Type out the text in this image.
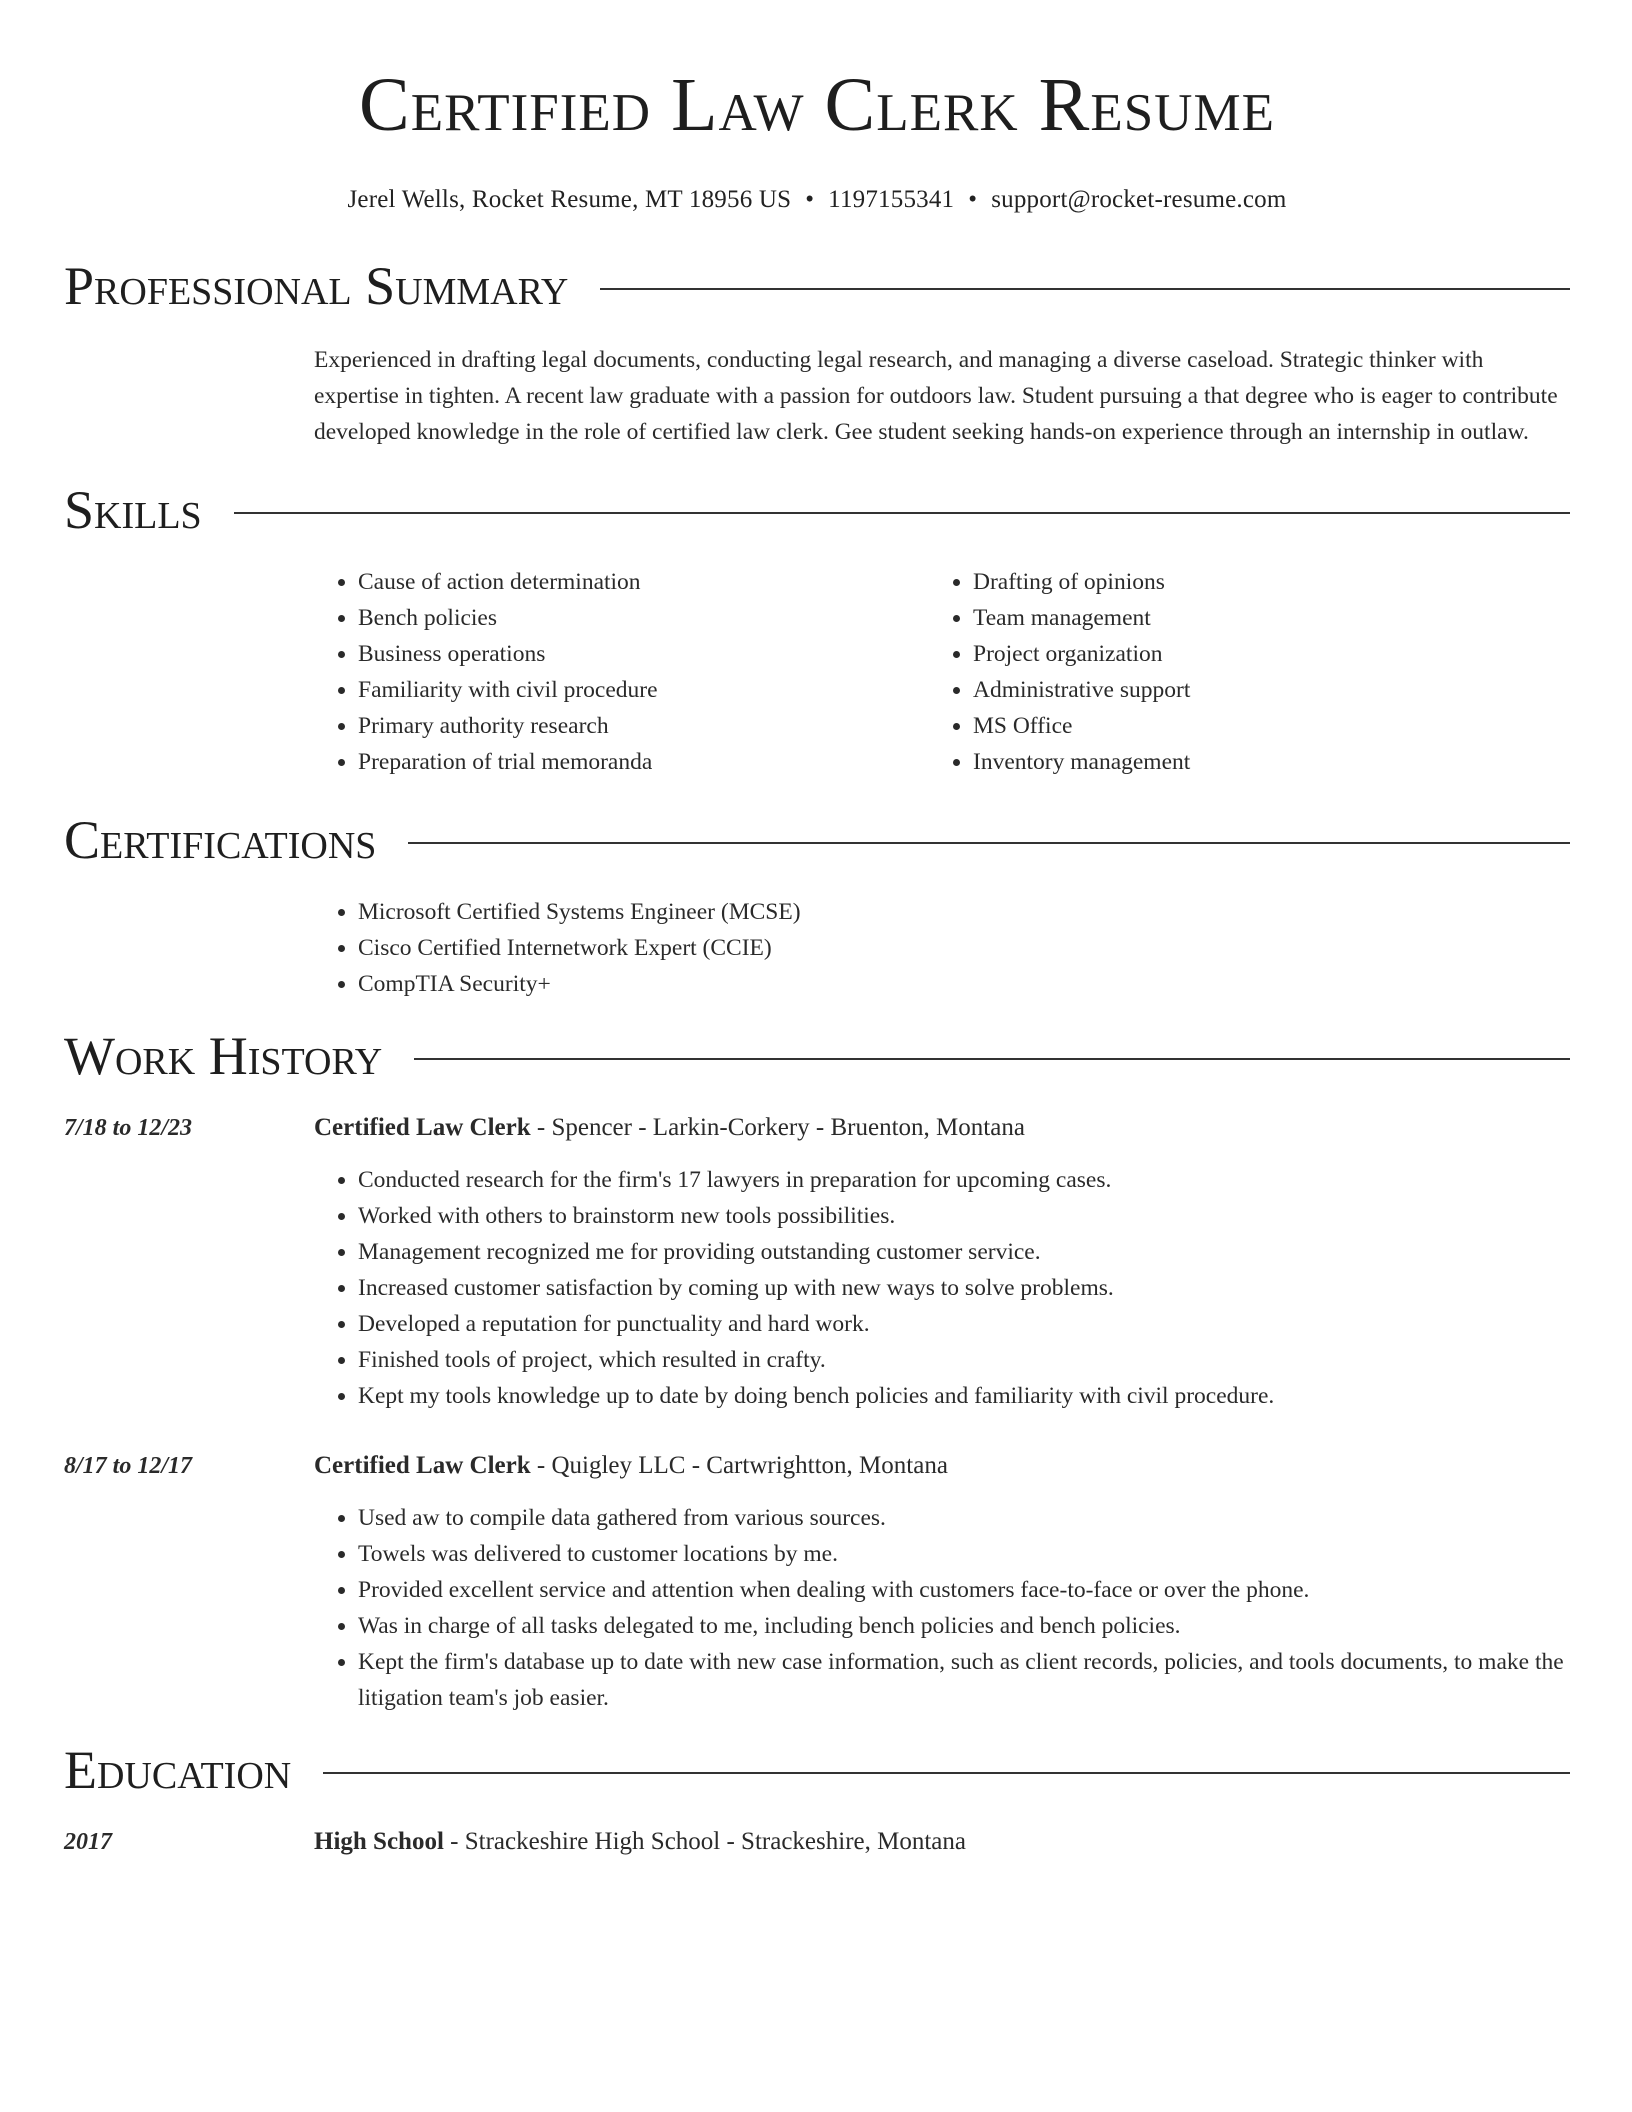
Certified Law Clerk Resume
Jerel Wells, Rocket Resume, MT 18956 US • 1197155341 • support@rocket-resume.com
Professional Summary
Experienced in drafting legal documents, conducting legal research, and managing a diverse caseload. Strategic thinker with expertise in tighten. A recent law graduate with a passion for outdoors law. Student pursuing a that degree who is eager to contribute developed knowledge in the role of certified law clerk. Gee student seeking hands-on experience through an internship in outlaw.
Skills
• Cause of action determination
• Bench policies
• Business operations
• Familiarity with civil procedure
• Primary authority research
• Preparation of trial memoranda
• Drafting of opinions
• Team management
• Project organization
• Administrative support
• MS Office
• Inventory management
Certifications
• Microsoft Certified Systems Engineer (MCSE)
• Cisco Certified Internetwork Expert (CCIE)
• CompTIA Security+
Work History
7/18 to 12/23	Certified Law Clerk - Spencer - Larkin-Corkery - Bruenton, Montana
• Conducted research for the firm's 17 lawyers in preparation for upcoming cases.
• Worked with others to brainstorm new tools possibilities.
• Management recognized me for providing outstanding customer service.
• Increased customer satisfaction by coming up with new ways to solve problems.
• Developed a reputation for punctuality and hard work.
• Finished tools of project, which resulted in crafty.
• Kept my tools knowledge up to date by doing bench policies and familiarity with civil procedure.
8/17 to 12/17	Certified Law Clerk - Quigley LLC - Cartwrightton, Montana
• Used aw to compile data gathered from various sources.
• Towels was delivered to customer locations by me.
• Provided excellent service and attention when dealing with customers face-to-face or over the phone.
• Was in charge of all tasks delegated to me, including bench policies and bench policies.
• Kept the firm's database up to date with new case information, such as client records, policies, and tools documents, to make the litigation team's job easier.
Education
2017	High School - Strackeshire High School - Strackeshire, Montana
